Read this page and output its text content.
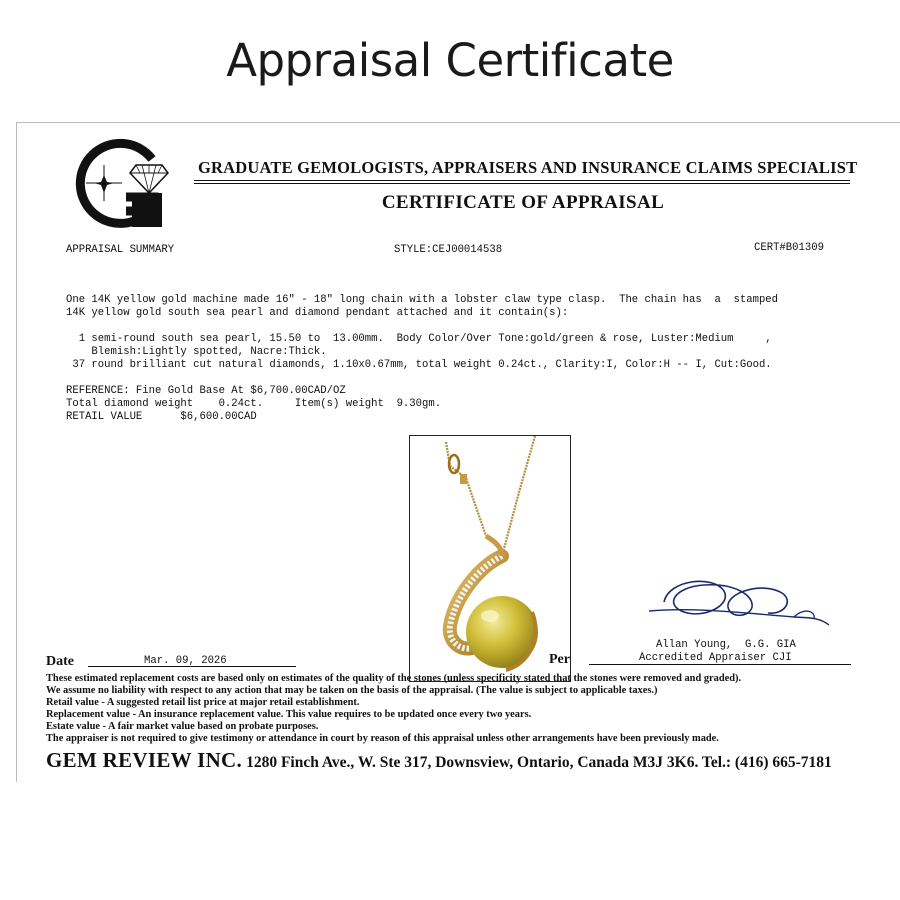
Appraisal Certificate
GRADUATE GEMOLOGISTS, APPRAISERS AND INSURANCE CLAIMS SPECIALIST
CERTIFICATE OF APPRAISAL
APPRAISAL SUMMARY	STYLE:CEJ00014538	CERT#B01309
One 14K yellow gold machine made 16" - 18" long chain with a lobster claw type clasp.  The chain has  a  stamped
14K yellow gold south sea pearl and diamond pendant attached and it contain(s):
1 semi-round south sea pearl, 15.50 to  13.00mm.  Body Color/Over Tone:gold/green & rose, Luster:Medium     ,
Blemish:Lightly spotted, Nacre:Thick.
37 round brilliant cut natural diamonds, 1.10x0.67mm, total weight 0.24ct., Clarity:I, Color:H -- I, Cut:Good.
REFERENCE: Fine Gold Base At $6,700.00CAD/OZ
Total diamond weight    0.24ct.     Item(s) weight  9.30gm.
RETAIL VALUE      $6,600.00CAD
Allan Young,  G.G. GIA
Accredited Appraiser CJI
Date	Mar. 09, 2026	Per
These estimated replacement costs are based only on estimates of the quality of the stones (unless specificity stated that the stones were removed and graded).
We assume no liability with respect to any action that may be taken on the basis of the appraisal. (The value is subject to applicable taxes.)
Retail value - A suggested retail list price at major retail establishment.
Replacement value - An insurance replacement value. This value requires to be updated once every two years.
Estate value - A fair market value based on probate purposes.
The appraiser is not required to give testimony or attendance in court by reason of this appraisal unless other arrangements have been previously made.
GEM REVIEW INC. 1280 Finch Ave., W. Ste 317, Downsview, Ontario, Canada M3J 3K6. Tel.: (416) 665-7181
